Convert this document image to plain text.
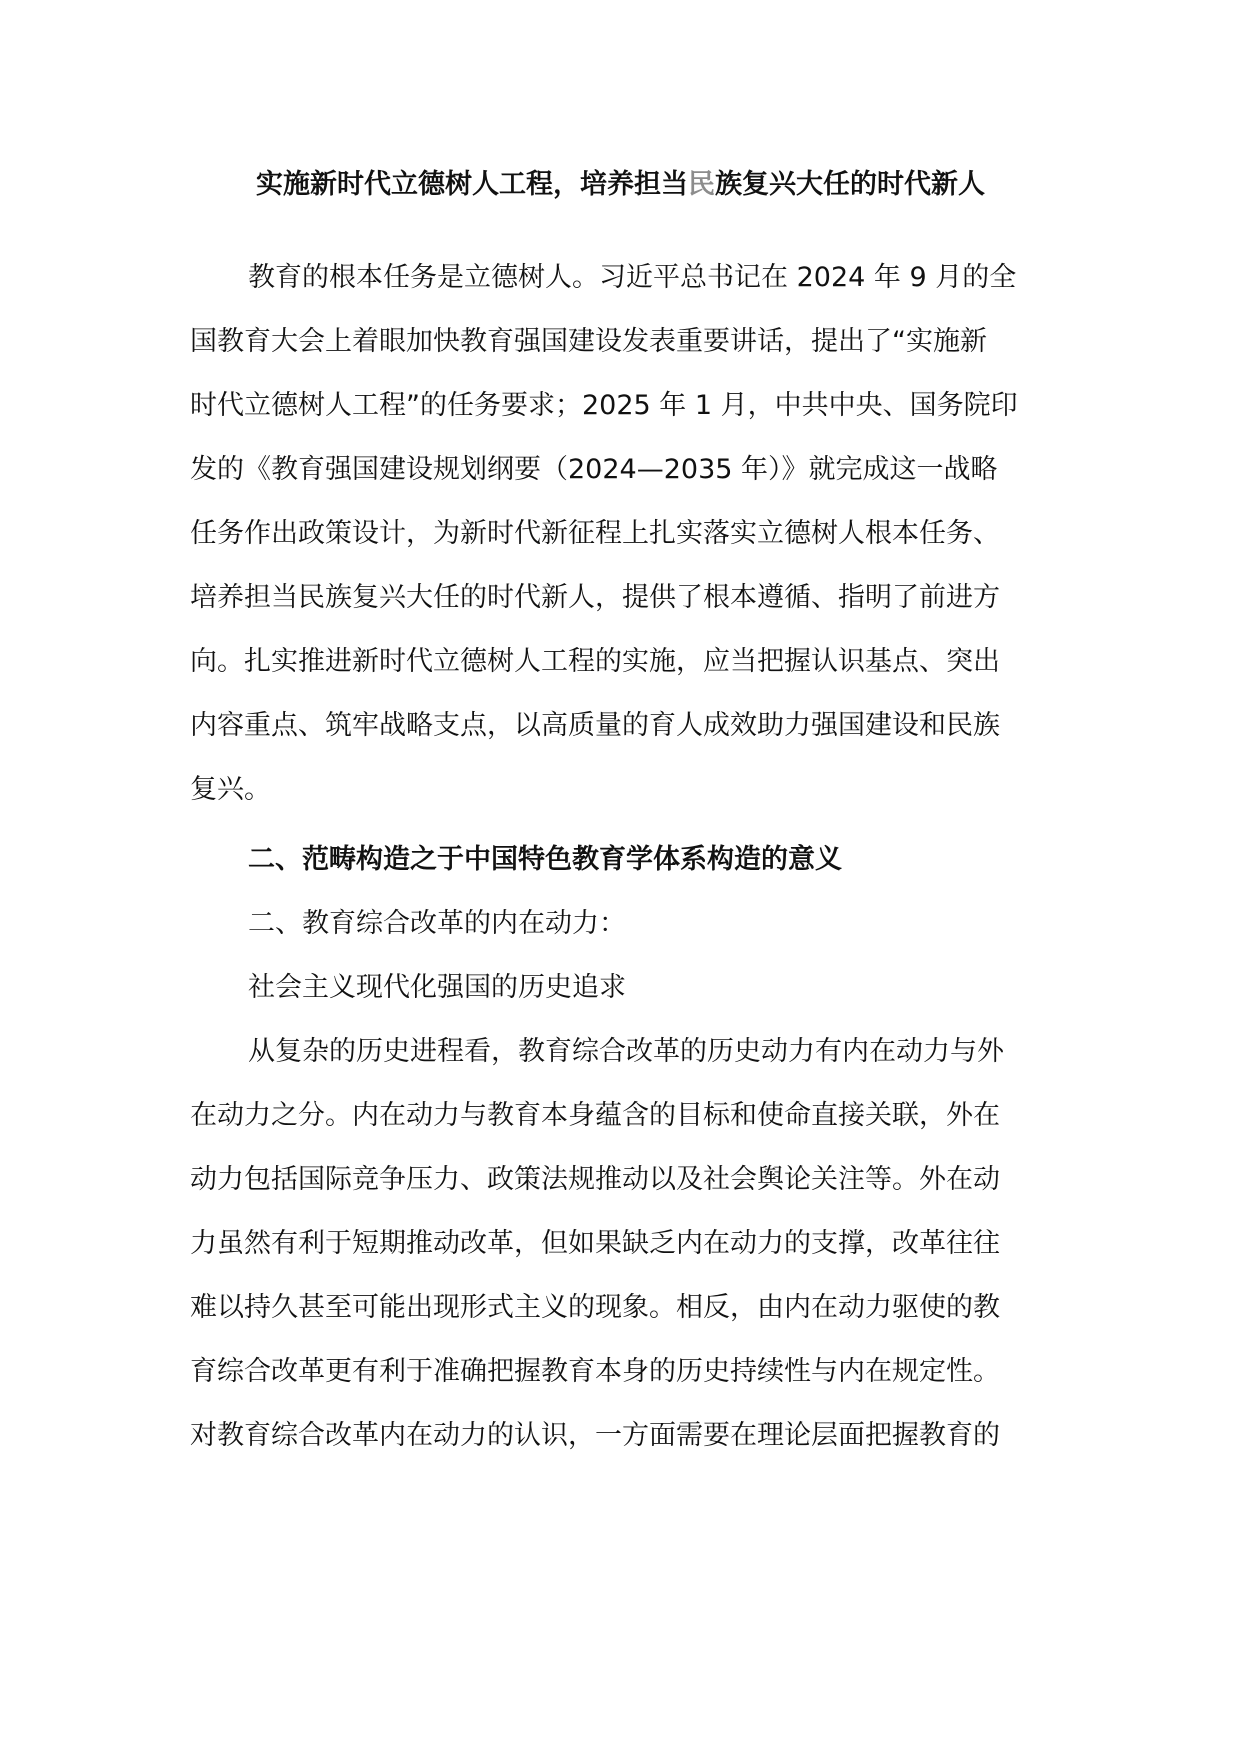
实施新时代立德树人工程，培养担当民族复兴大任的时代新人
教育的根本任务是立德树人。习近平总书记在 2024 年 9 月的全
国教育大会上着眼加快教育强国建设发表重要讲话，提出了“实施新
时代立德树人工程”的任务要求；2025 年 1 月，中共中央、国务院印
发的《教育强国建设规划纲要（2024—2035 年）》就完成这一战略
任务作出政策设计，为新时代新征程上扎实落实立德树人根本任务、
培养担当民族复兴大任的时代新人，提供了根本遵循、指明了前进方
向。扎实推进新时代立德树人工程的实施，应当把握认识基点、突出
内容重点、筑牢战略支点，以高质量的育人成效助力强国建设和民族
复兴。
二、范畴构造之于中国特色教育学体系构造的意义
二、教育综合改革的内在动力：
社会主义现代化强国的历史追求
从复杂的历史进程看，教育综合改革的历史动力有内在动力与外
在动力之分。内在动力与教育本身蕴含的目标和使命直接关联，外在
动力包括国际竞争压力、政策法规推动以及社会舆论关注等。外在动
力虽然有利于短期推动改革，但如果缺乏内在动力的支撑，改革往往
难以持久甚至可能出现形式主义的现象。相反，由内在动力驱使的教
育综合改革更有利于准确把握教育本身的历史持续性与内在规定性。
对教育综合改革内在动力的认识，一方面需要在理论层面把握教育的
